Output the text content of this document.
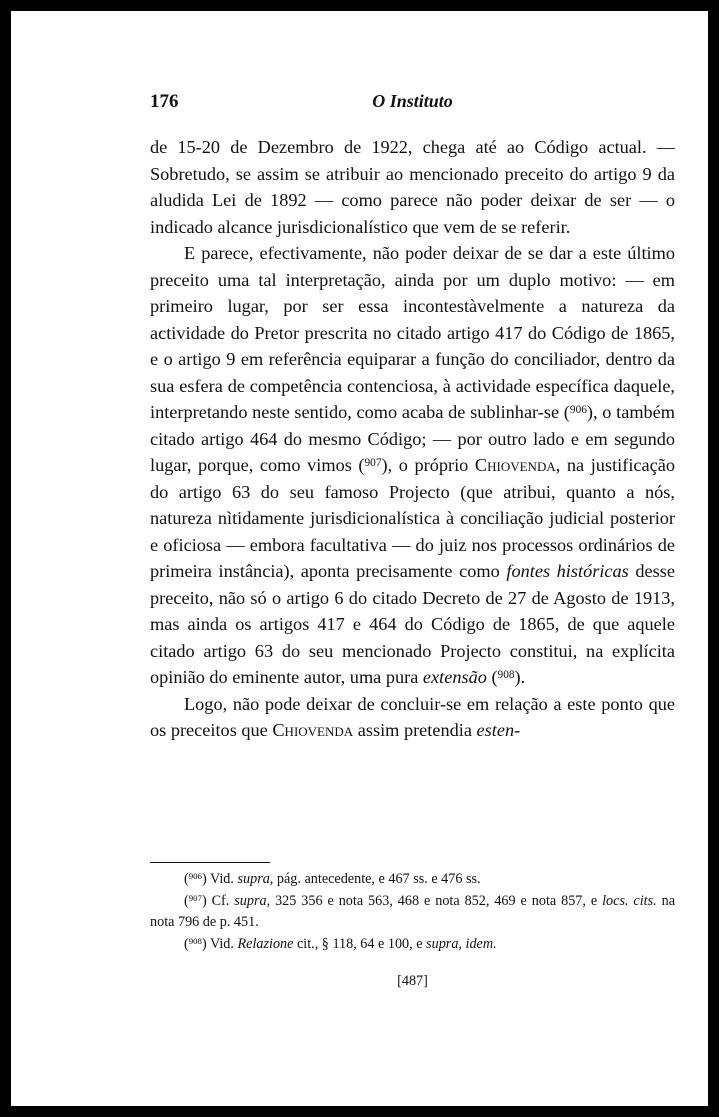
176	O Instituto

de 15-20 de Dezembro de 1922, chega até ao Código actual. — Sobretudo, se assim se atribuir ao mencionado preceito do artigo 9 da aludida Lei de 1892 — como parece não poder deixar de ser — o indicado alcance jurisdicionalístico que vem de se referir.

E parece, efectivamente, não poder deixar de se dar a este último preceito uma tal interpretação, ainda por um duplo motivo: — em primeiro lugar, por ser essa incontestàvelmente a natureza da actividade do Pretor prescrita no citado artigo 417 do Código de 1865, e o artigo 9 em referência equiparar a função do conciliador, dentro da sua esfera de competência contenciosa, à actividade específica daquele, interpretando neste sentido, como acaba de sublinhar-se ($^{906}$), o também citado artigo 464 do mesmo Código; — por outro lado e em segundo lugar, porque, como vimos ($^{907}$), o próprio Chiovenda, na justificação do artigo 63 do seu famoso Projecto (que atribui, quanto a nós, natureza nìtidamente jurisdicionalística à conciliação judicial posterior e oficiosa — embora facultativa — do juiz nos processos ordinários de primeira instância), aponta precisamente como fontes históricas desse preceito, não só o artigo 6 do citado Decreto de 27 de Agosto de 1913, mas ainda os artigos 417 e 464 do Código de 1865, de que aquele citado artigo 63 do seu mencionado Projecto constitui, na explícita opinião do eminente autor, uma pura extensão ($^{908}$).

Logo, não pode deixar de concluir-se em relação a este ponto que os preceitos que Chiovenda assim pretendia esten-

($^{906}$) Vid. supra, pág. antecedente, e 467 ss. e 476 ss.

($^{907}$) Cf. supra, 325 356 e nota 563, 468 e nota 852, 469 e nota 857, e locs. cits. na nota 796 de p. 451.

($^{908}$) Vid. Relazione cit., § 118, 64 e 100, e supra, idem.

[487]
